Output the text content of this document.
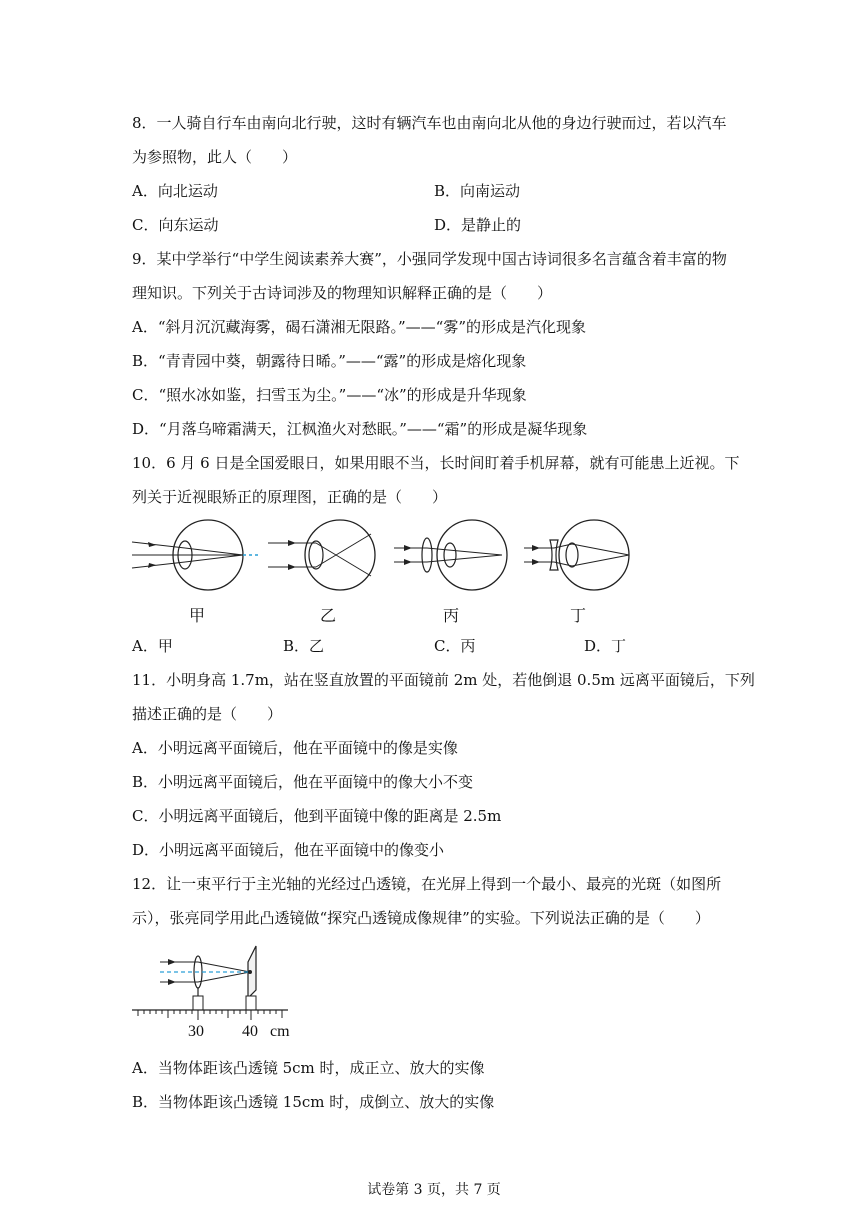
8．一人骑自行车由南向北行驶，这时有辆汽车也由南向北从他的身边行驶而过，若以汽车
为参照物，此人（　　）
A．向北运动	B．向南运动
C．向东运动	D．是静止的
9．某中学举行“中学生阅读素养大赛”，小强同学发现中国古诗词很多名言蕴含着丰富的物
理知识。下列关于古诗词涉及的物理知识解释正确的是（　　）
A．“斜月沉沉藏海雾，碣石潇湘无限路。”——“雾”的形成是汽化现象
B．“青青园中葵，朝露待日晞。”——“露”的形成是熔化现象
C．“照水冰如鉴，扫雪玉为尘。”——“冰”的形成是升华现象
D．“月落乌啼霜满天，江枫渔火对愁眠。”——“霜”的形成是凝华现象
10．6 月 6 日是全国爱眼日，如果用眼不当，长时间盯着手机屏幕，就有可能患上近视。下
列关于近视眼矫正的原理图，正确的是（　　）
甲	乙	丙	丁
A．甲	B．乙	C．丙	D．丁
11．小明身高 1.7m，站在竖直放置的平面镜前 2m 处，若他倒退 0.5m 远离平面镜后，下列
描述正确的是（　　）
A．小明远离平面镜后，他在平面镜中的像是实像
B．小明远离平面镜后，他在平面镜中的像大小不变
C．小明远离平面镜后，他到平面镜中像的距离是 2.5m
D．小明远离平面镜后，他在平面镜中的像变小
12．让一束平行于主光轴的光经过凸透镜，在光屏上得到一个最小、最亮的光斑（如图所
示），张亮同学用此凸透镜做“探究凸透镜成像规律”的实验。下列说法正确的是（　　）
30 40 cm
A．当物体距该凸透镜 5cm 时，成正立、放大的实像
B．当物体距该凸透镜 15cm 时，成倒立、放大的实像
试卷第 3 页，共 7 页
